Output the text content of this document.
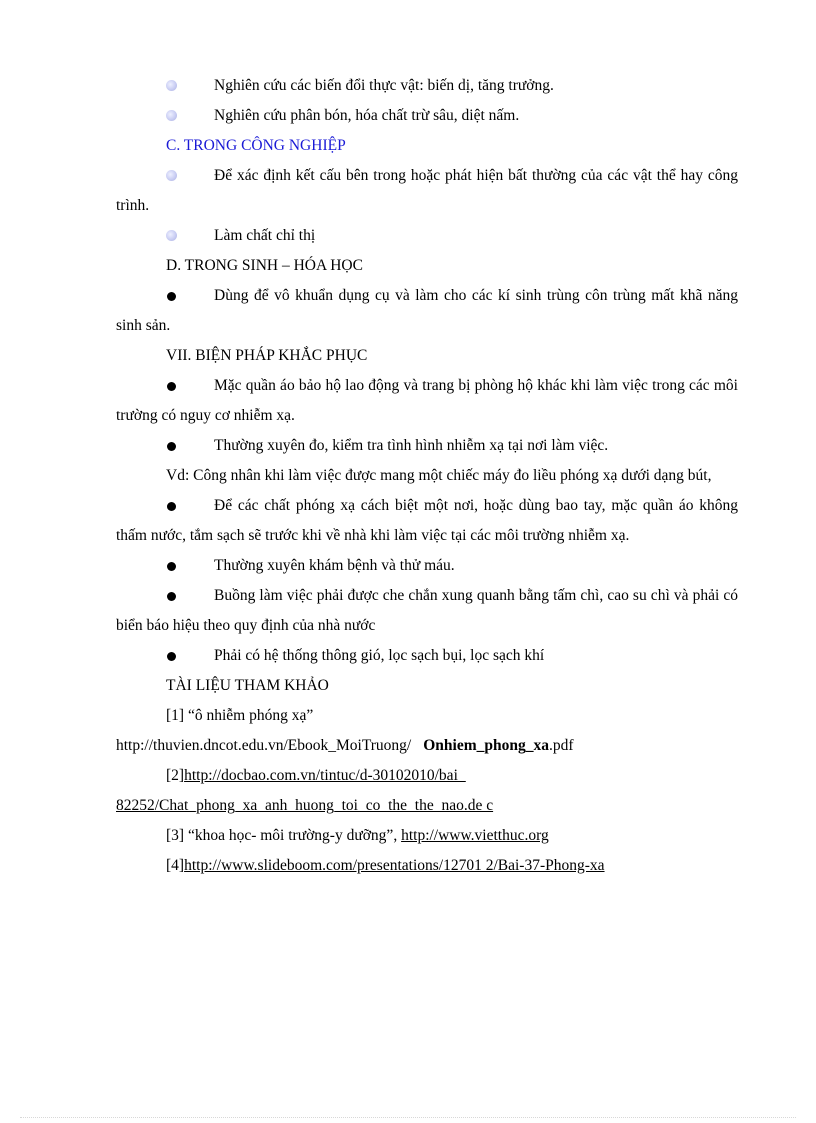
Nghiên cứu các biến đổi thực vật: biến dị, tăng trưởng.
Nghiên cứu phân bón, hóa chất trừ sâu, diệt nấm.
C. TRONG CÔNG NGHIỆP
Để xác định kết cấu bên trong hoặc phát hiện bất thường của các vật thể hay công trình.
Làm chất chỉ thị
D. TRONG SINH – HÓA HỌC
Dùng để vô khuẩn dụng cụ và làm cho các kí sinh trùng côn trùng mất khã năng sinh sản.
VII. BIỆN PHÁP KHẮC PHỤC
Mặc quần áo bảo hộ lao động và trang bị phòng hộ khác khi làm việc trong các môi trường có nguy cơ nhiễm xạ.
Thường xuyên đo, kiểm tra tình hình nhiễm xạ tại nơi làm việc.
Vd: Công nhân khi làm việc được mang một chiếc máy đo liều phóng xạ dưới dạng bút,
Để các chất phóng xạ cách biệt một nơi, hoặc dùng bao tay, mặc quần áo không thấm nước, tắm sạch sẽ trước khi về nhà khi làm việc tại các môi trường nhiễm xạ.
Thường xuyên khám bệnh và thử máu.
Buồng làm việc phải được che chắn xung quanh bằng tấm chì, cao su chì và phải có biển báo hiệu theo quy định của nhà nước
Phải có hệ thống thông gió, lọc sạch bụi, lọc sạch khí
TÀI LIỆU THAM KHẢO
[1] “ô nhiễm phóng xạ”
http://thuvien.dncot.edu.vn/Ebook_MoiTruong/ Onhiem_phong_xa.pdf
[2]http://docbao.com.vn/tintuc/d-30102010/bai_
82252/Chat_phong_xa_anh_huong_toi_co_the_the_nao.de c
[3] “khoa học- môi trường-y dưỡng”, http://www.vietthuc.org
[4]http://www.slideboom.com/presentations/12701 2/Bai-37-Phong-xa
